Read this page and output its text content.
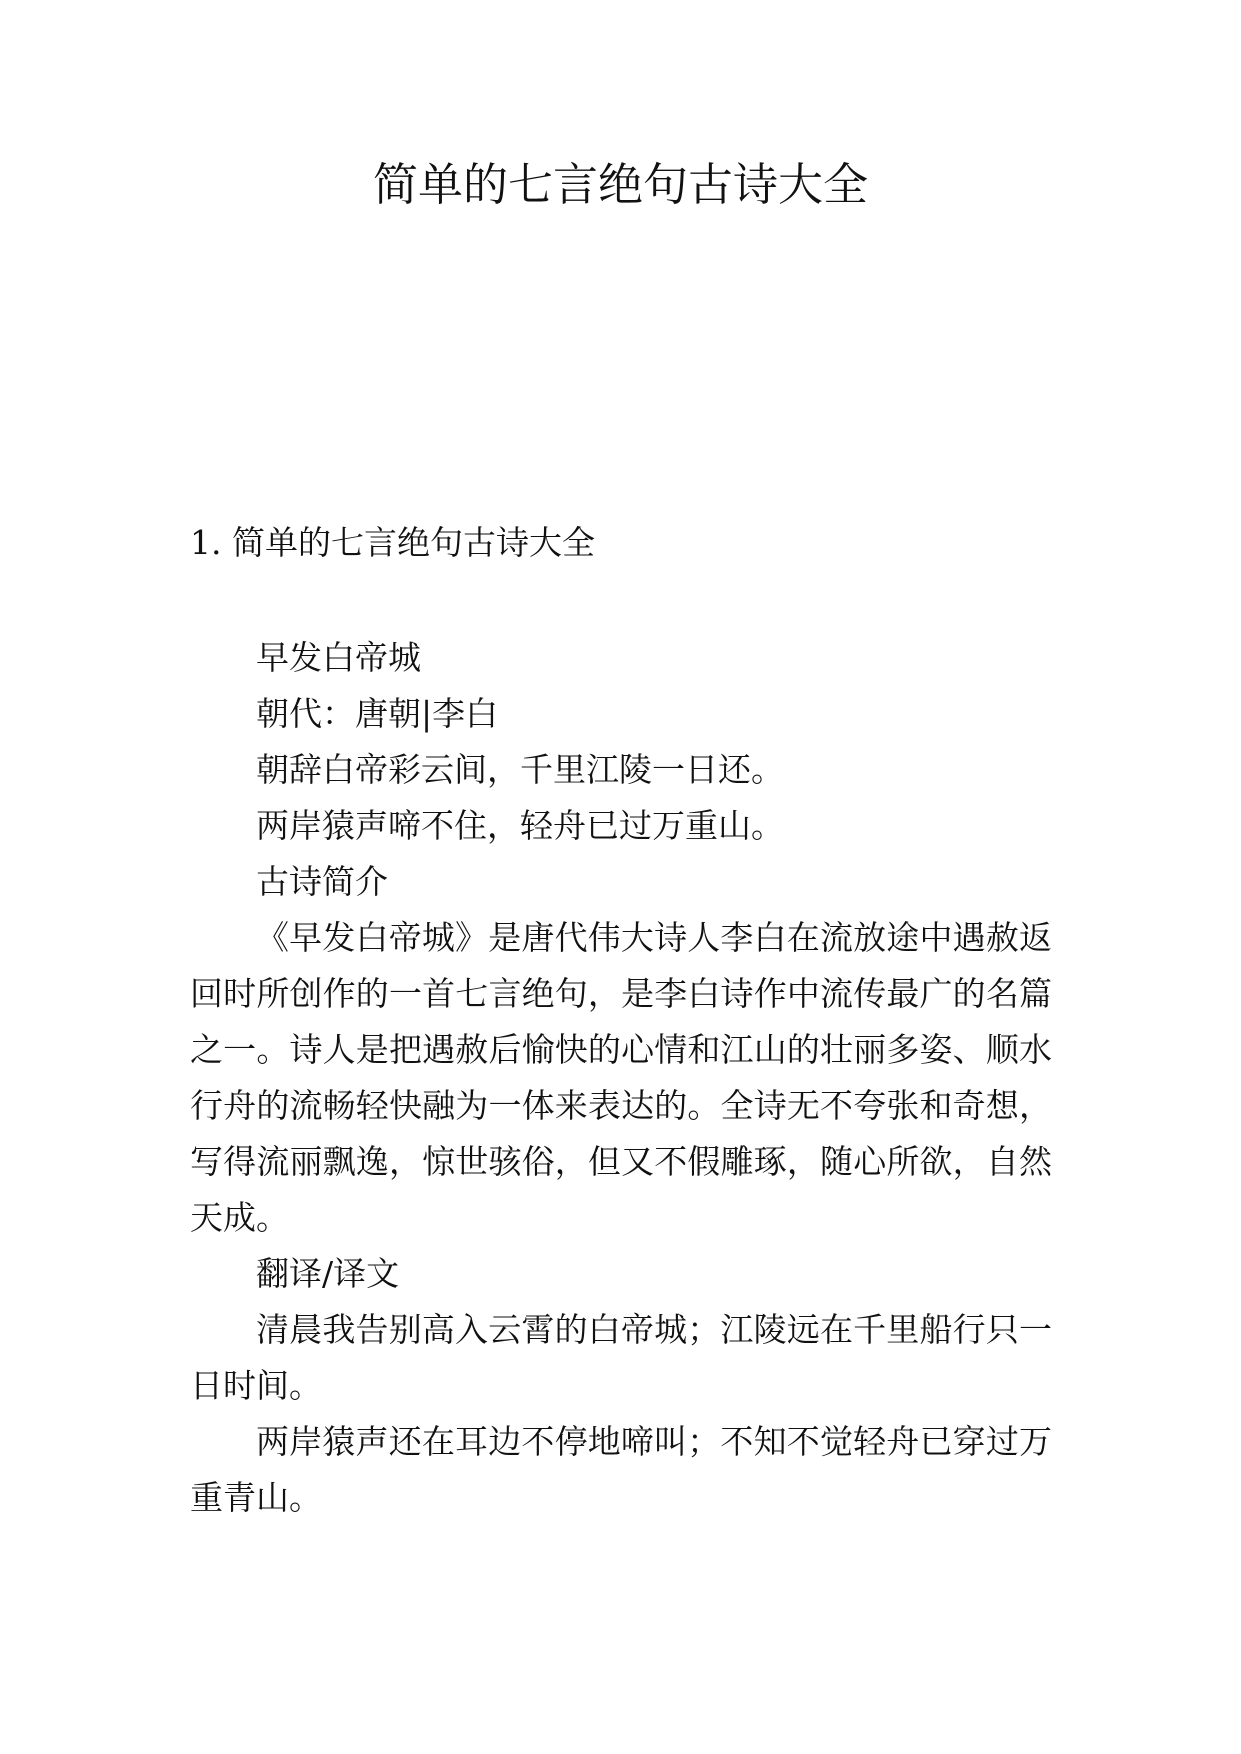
简单的七言绝句古诗大全
1. 简单的七言绝句古诗大全

早发白帝城

朝代：唐朝|李白

朝辞白帝彩云间，千里江陵一日还。

两岸猿声啼不住，轻舟已过万重山。

古诗简介

《早发白帝城》是唐代伟大诗人李白在流放途中遇赦返回时所创作的一首七言绝句，是李白诗作中流传最广的名篇之一。诗人是把遇赦后愉快的心情和江山的壮丽多姿、顺水行舟的流畅轻快融为一体来表达的。全诗无不夸张和奇想，写得流丽飘逸，惊世骇俗，但又不假雕琢，随心所欲，自然天成。

翻译/译文

清晨我告别高入云霄的白帝城；江陵远在千里船行只一日时间。

两岸猿声还在耳边不停地啼叫；不知不觉轻舟已穿过万重青山。
